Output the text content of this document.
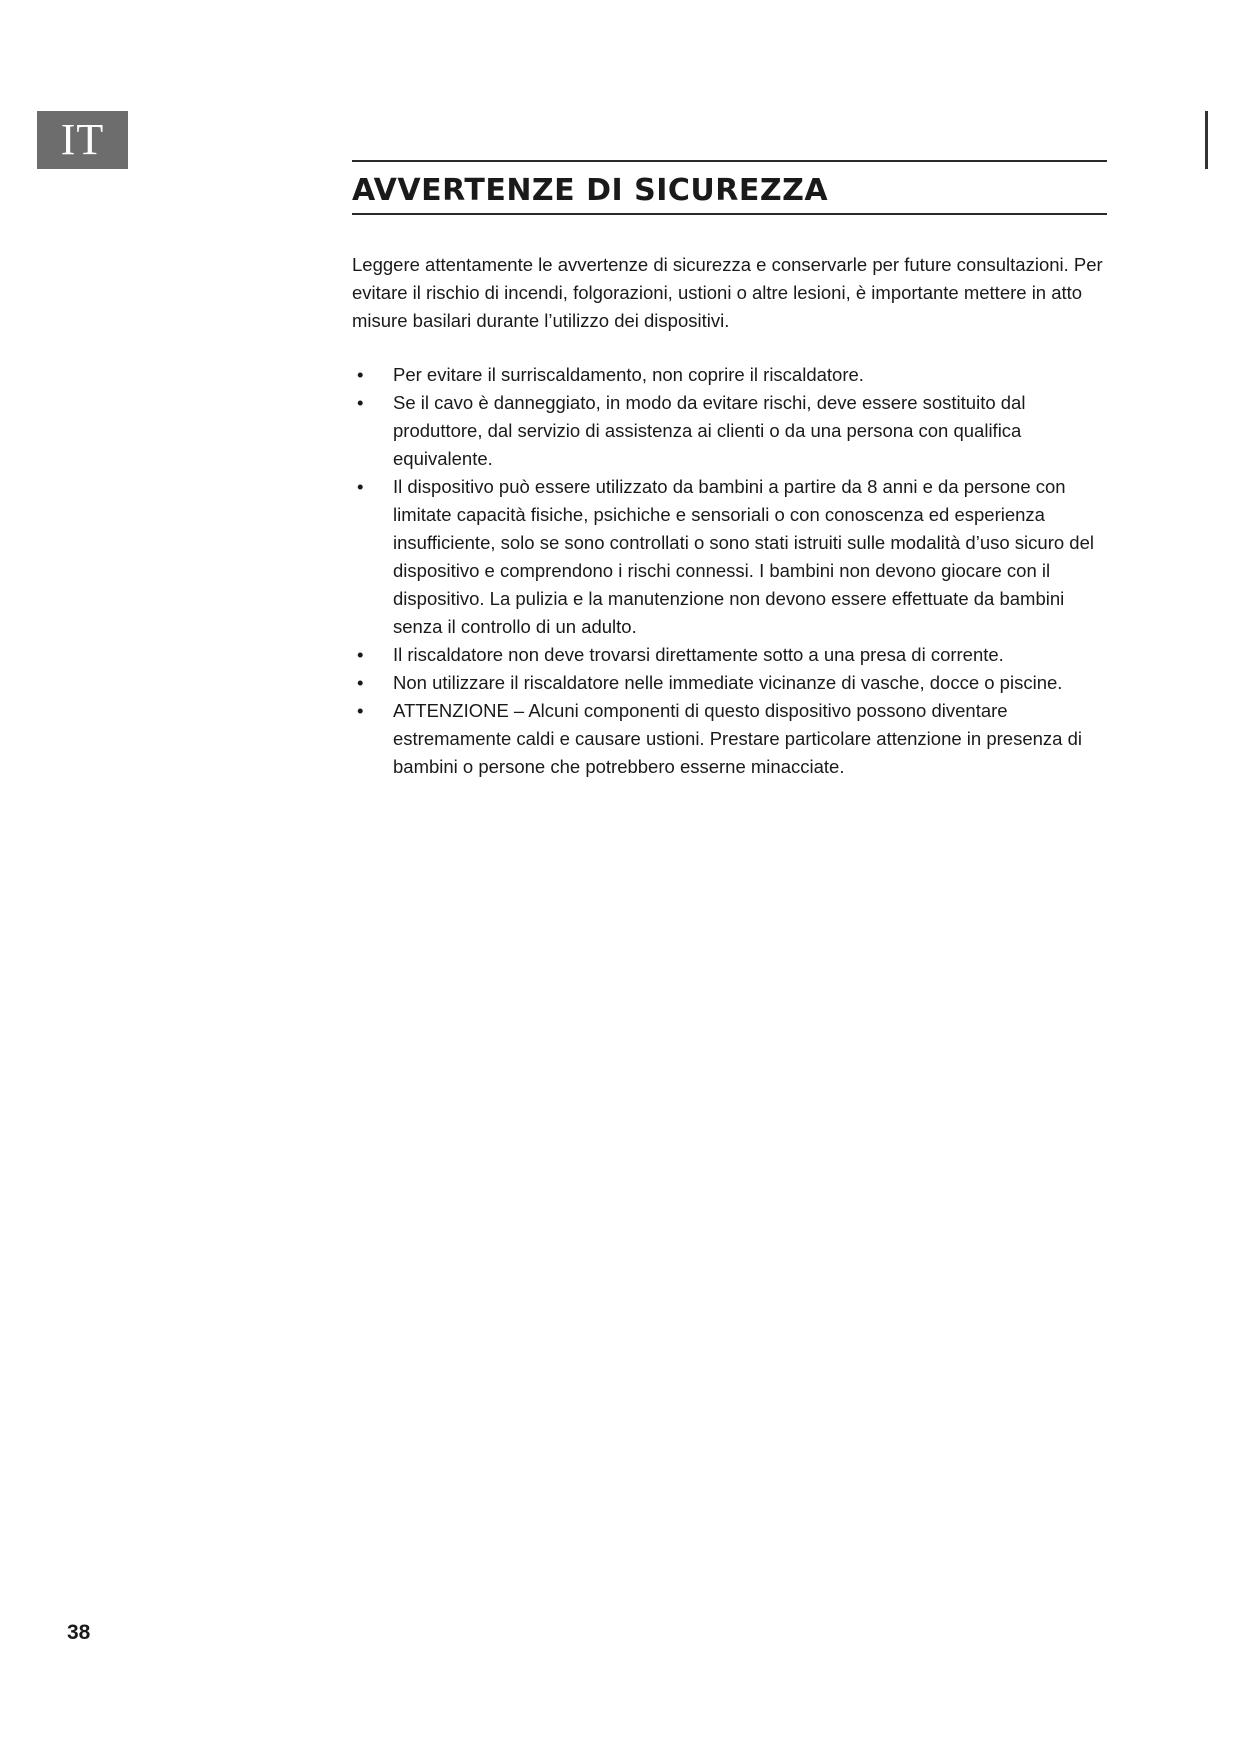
IT
AVVERTENZE DI SICUREZZA

Leggere attentamente le avvertenze di sicurezza e conservarle per future consultazioni. Per evitare il rischio di incendi, folgorazioni, ustioni o altre lesioni, è importante mettere in atto misure basilari durante l’utilizzo dei dispositivi.

• Per evitare il surriscaldamento, non coprire il riscaldatore.
• Se il cavo è danneggiato, in modo da evitare rischi, deve essere sostituito dal produttore, dal servizio di assistenza ai clienti o da una persona con qualifica equivalente.
• Il dispositivo può essere utilizzato da bambini a partire da 8 anni e da persone con limitate capacità fisiche, psichiche e sensoriali o con conoscenza ed esperienza insufficiente, solo se sono controllati o sono stati istruiti sulle modalità d’uso sicuro del dispositivo e comprendono i rischi connessi. I bambini non devono giocare con il dispositivo. La pulizia e la manutenzione non devono essere effettuate da bambini senza il controllo di un adulto.
• Il riscaldatore non deve trovarsi direttamente sotto a una presa di corrente.
• Non utilizzare il riscaldatore nelle immediate vicinanze di vasche, docce o piscine.
• ATTENZIONE – Alcuni componenti di questo dispositivo possono diventare estremamente caldi e causare ustioni. Prestare particolare attenzione in presenza di bambini o persone che potrebbero esserne minacciate.
38
